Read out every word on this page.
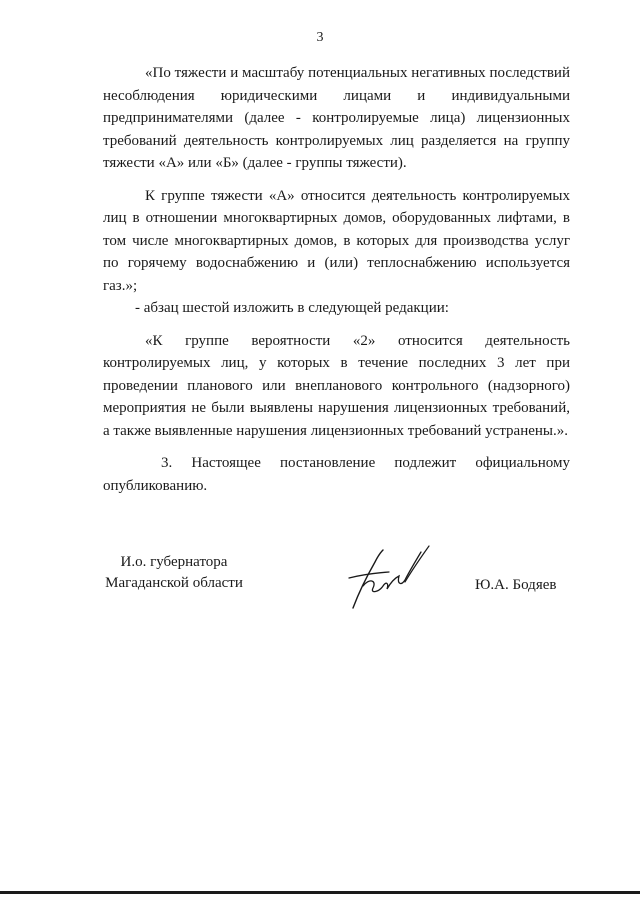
3

«По тяжести и масштабу потенциальных негативных последствий несоблюдения юридическими лицами и индивидуальными предпринимателями (далее - контролируемые лица) лицензионных требований деятельность контролируемых лиц разделяется на группу тяжести «А» или «Б» (далее - группы тяжести).

К группе тяжести «А» относится деятельность контролируемых лиц в отношении многоквартирных домов, оборудованных лифтами, в том числе многоквартирных домов, в которых для производства услуг по горячему водоснабжению и (или) теплоснабжению используется газ.»;

- абзац шестой изложить в следующей редакции:

«К группе вероятности «2» относится деятельность контролируемых лиц, у которых в течение последних 3 лет при проведении планового или внепланового контрольного (надзорного) мероприятия не были выявлены нарушения лицензионных требований, а также выявленные нарушения лицензионных требований устранены.».

3. Настоящее постановление подлежит официальному опубликованию.

И.о. губернатора
Магаданской области	Ю.А. Бодяев
